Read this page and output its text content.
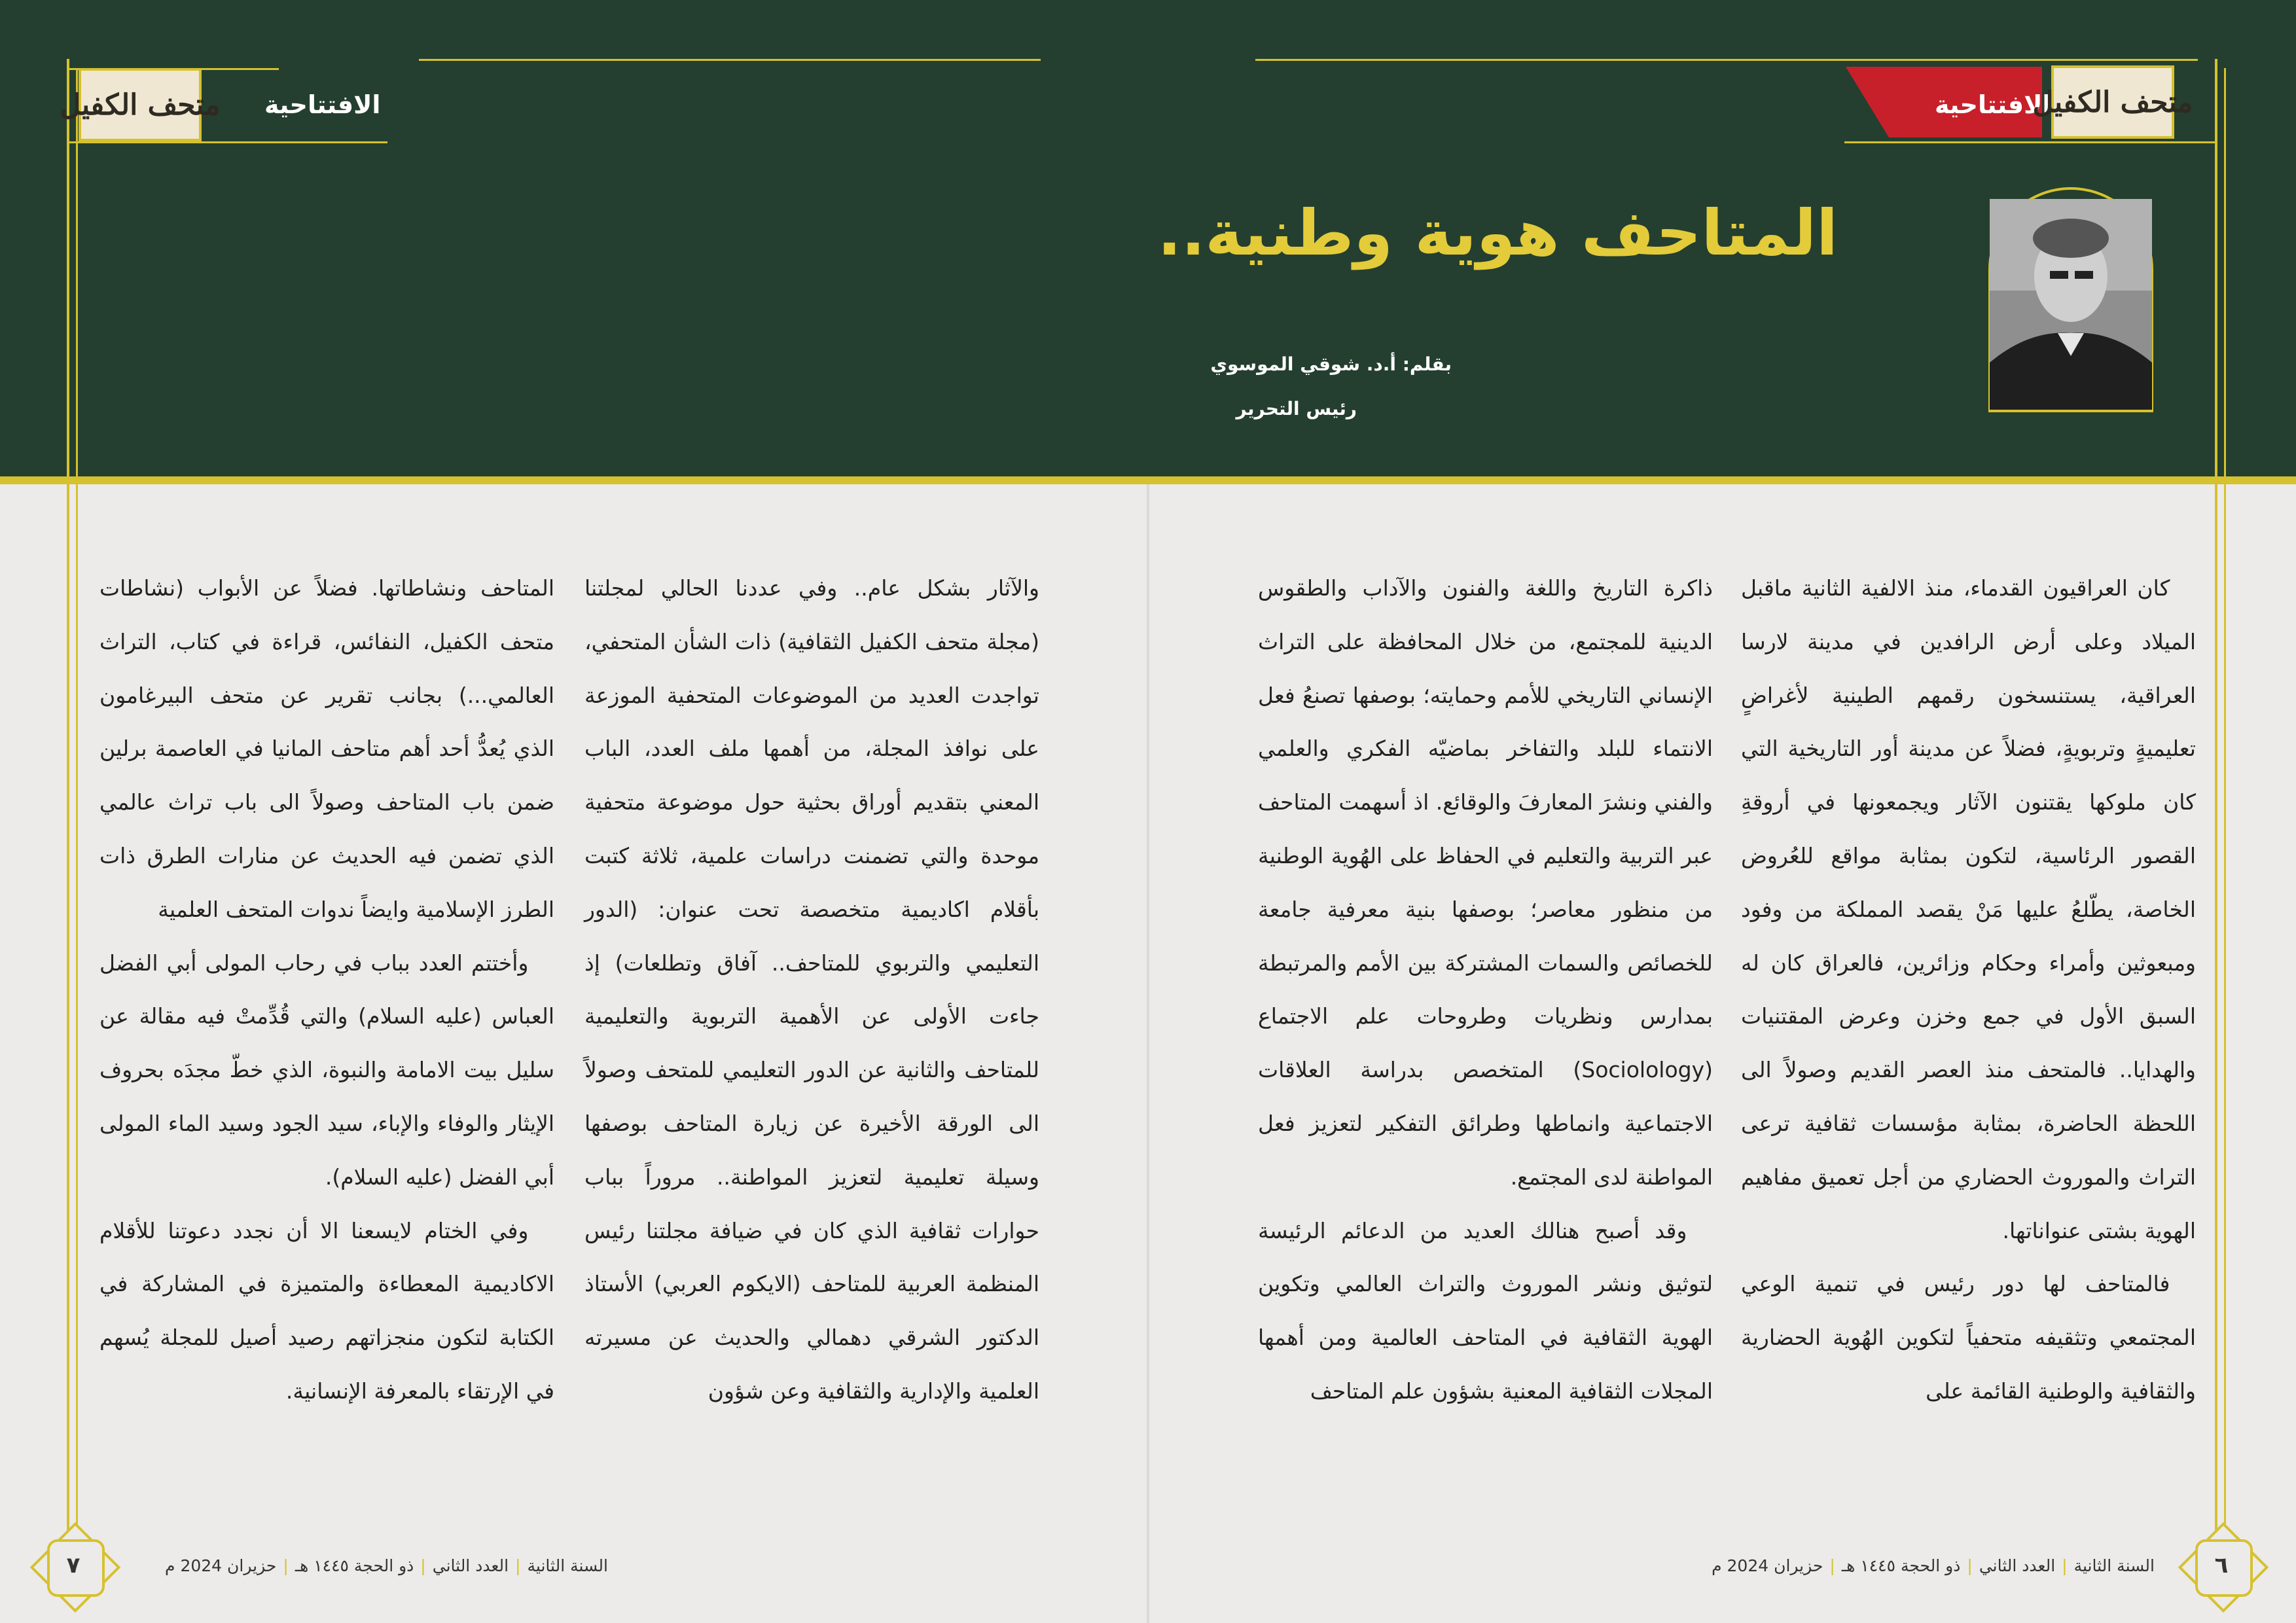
متحف الكفيل الافتتاحية	الافتتاحية
متحف الكفيل
المتاحف هوية وطنية..
بقلم: أ.د. شوقي الموسوي
رئيس التحرير

كان العراقيون القدماء، منذ الالفية الثانية ماقبل الميلاد وعلى أرض الرافدين في مدينة لارسا العراقية، يستنسخون رقمهم الطينية لأغراضٍ تعليميةٍ وتربويةٍ، فضلاً عن مدينة أور التاريخية التي كان ملوكها يقتنون الآثار ويجمعونها في أروقةِ القصور الرئاسية، لتكون بمثابة مواقع للعُروض الخاصة، يطّلعُ عليها مَنْ يقصد المملكة من وفود ومبعوثين وأمراء وحكام وزائرين، فالعراق كان له السبق الأول في جمع وخزن وعرض المقتنيات والهدايا.. فالمتحف منذ العصر القديم وصولاً الى اللحظة الحاضرة، بمثابة مؤسسات ثقافية ترعى التراث والموروث الحضاري من أجل تعميق مفاهيم الهوية بشتى عنواناتها.

فالمتاحف لها دور رئيس في تنمية الوعي المجتمعي وتثقيفه متحفياً لتكوين الهُوية الحضارية والثقافية والوطنية القائمة على

ذاكرة التاريخ واللغة والفنون والآداب والطقوس الدينية للمجتمع، من خلال المحافظة على التراث الإنساني التاريخي للأمم وحمايته؛ بوصفها تصنعُ فعل الانتماء للبلد والتفاخر بماضيّه الفكري والعلمي والفني ونشرَ المعارفَ والوقائع. اذ أسهمت المتاحف عبر التربية والتعليم في الحفاظ على الهُوية الوطنية من منظور معاصر؛ بوصفها بنية معرفية جامعة للخصائص والسمات المشتركة بين الأمم والمرتبطة بمدارس ونظريات وطروحات علم الاجتماع (Sociolology) المتخصص بدراسة العلاقات الاجتماعية وانماطها وطرائق التفكير لتعزيز فعل المواطنة لدى المجتمع.

وقد أصبح هنالك العديد من الدعائم الرئيسة لتوثيق ونشر الموروث والتراث العالمي وتكوين الهوية الثقافية في المتاحف العالمية ومن أهمها المجلات الثقافية المعنية بشؤون علم المتاحف

والآثار بشكل عام.. وفي عددنا الحالي لمجلتنا (مجلة متحف الكفيل الثقافية) ذات الشأن المتحفي، تواجدت العديد من الموضوعات المتحفية الموزعة على نوافذ المجلة، من أهمها ملف العدد، الباب المعني بتقديم أوراق بحثية حول موضوعة متحفية موحدة والتي تضمنت دراسات علمية، ثلاثة كتبت بأقلام اكاديمية متخصصة تحت عنوان: (الدور التعليمي والتربوي للمتاحف.. آفاق وتطلعات) إذ جاءت الأولى عن الأهمية التربوية والتعليمية للمتاحف والثانية عن الدور التعليمي للمتحف وصولاً الى الورقة الأخيرة عن زيارة المتاحف بوصفها وسيلة تعليمية لتعزيز المواطنة.. مروراً بباب حوارات ثقافية الذي كان في ضيافة مجلتنا رئيس المنظمة العربية للمتاحف (الايكوم العربي) الأستاذ الدكتور الشرقي دهمالي والحديث عن مسيرته العلمية والإدارية والثقافية وعن شؤون

المتاحف ونشاطاتها. فضلاً عن الأبواب (نشاطات متحف الكفيل، النفائس، قراءة في كتاب، التراث العالمي...) بجانب تقرير عن متحف البيرغامون الذي يُعدُّ أحد أهم متاحف المانيا في العاصمة برلين ضمن باب المتاحف وصولاً الى باب تراث عالمي الذي تضمن فيه الحديث عن منارات الطرق ذات الطرز الإسلامية وايضاً ندوات المتحف العلمية

وأختتم العدد بباب في رحاب المولى أبي الفضل العباس (عليه السلام) والتي قُدِّمتْ فيه مقالة عن سليل بيت الامامة والنبوة، الذي خطّ مجدَه بحروف الإيثار والوفاء والإباء، سيد الجود وسيد الماء المولى أبي الفضل (عليه السلام).

وفي الختام لايسعنا الا أن نجدد دعوتنا للأقلام الاكاديمية المعطاءة والمتميزة في المشاركة في الكتابة لتكون منجزاتهم رصيد أصيل للمجلة يُسهم في الإرتقاء بالمعرفة الإنسانية.

السنة الثانية|العدد الثاني|ذو الحجة ١٤٤٥ هـ|حزيران 2024 م
السنة الثانية|العدد الثاني|ذو الحجة ١٤٤٥ هـ|حزيران 2024 م	٦
٧
